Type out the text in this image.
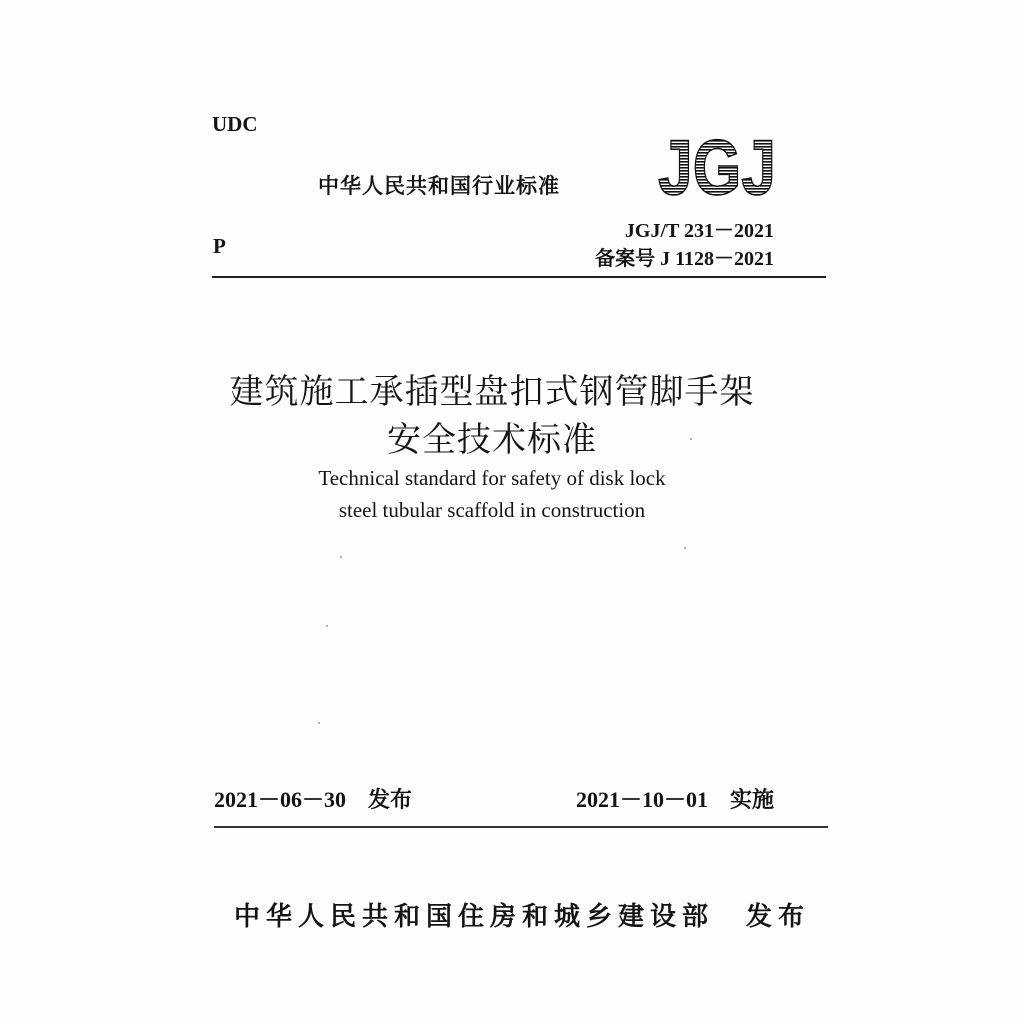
UDC
中华人民共和国行业标准 JGJ
JGJ/T 231－2021
P
备案号 J 1128－2021
建筑施工承插型盘扣式钢管脚手架
安全技术标准
Technical standard for safety of disk lock
steel tubular scaffold in construction
2021－06－30　发布	2021－10－01　实施
中华人民共和国住房和城乡建设部　发布
